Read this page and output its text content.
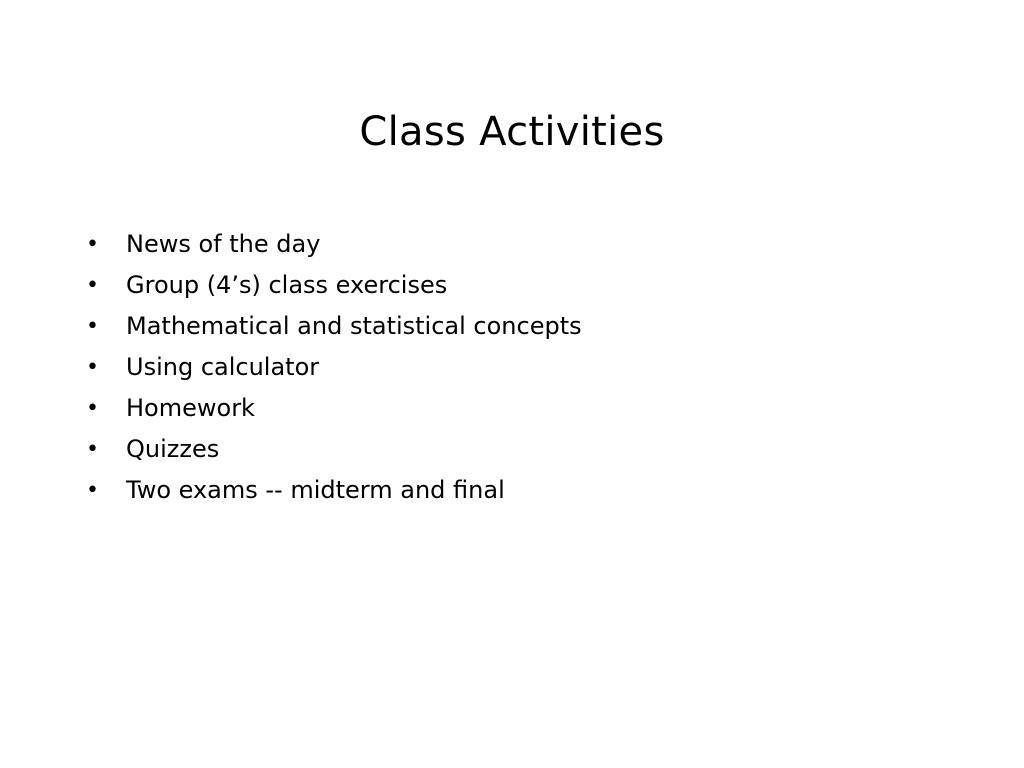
Class Activities
• News of the day
• Group (4’s) class exercises
• Mathematical and statistical concepts
• Using calculator
• Homework
• Quizzes
• Two exams -- midterm and final
